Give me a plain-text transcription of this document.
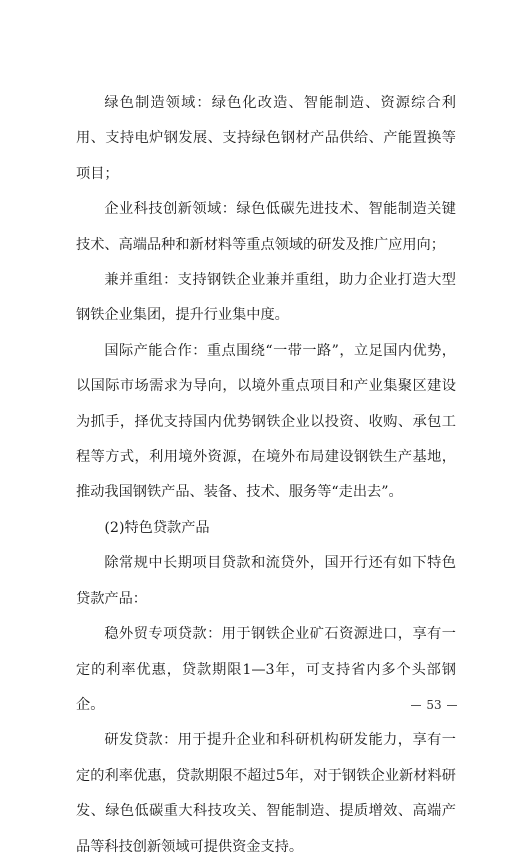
绿色制造领域：绿色化改造、智能制造、资源综合利用、支持电炉钢发展、支持绿色钢材产品供给、产能置换等项目；

企业科技创新领域：绿色低碳先进技术、智能制造关键技术、高端品种和新材料等重点领域的研发及推广应用向；

兼并重组：支持钢铁企业兼并重组，助力企业打造大型钢铁企业集团，提升行业集中度。

国际产能合作：重点围绕“一带一路”，立足国内优势，以国际市场需求为导向，以境外重点项目和产业集聚区建设为抓手，择优支持国内优势钢铁企业以投资、收购、承包工程等方式，利用境外资源，在境外布局建设钢铁生产基地，推动我国钢铁产品、装备、技术、服务等“走出去”。

(2)特色贷款产品

除常规中长期项目贷款和流贷外，国开行还有如下特色贷款产品：

稳外贸专项贷款：用于钢铁企业矿石资源进口，享有一定的利率优惠，贷款期限1—3年，可支持省内多个头部钢企。

研发贷款：用于提升企业和科研机构研发能力，享有一定的利率优惠，贷款期限不超过5年，对于钢铁企业新材料研发、绿色低碳重大科技攻关、智能制造、提质增效、高端产品等科技创新领域可提供资金支持。

53
